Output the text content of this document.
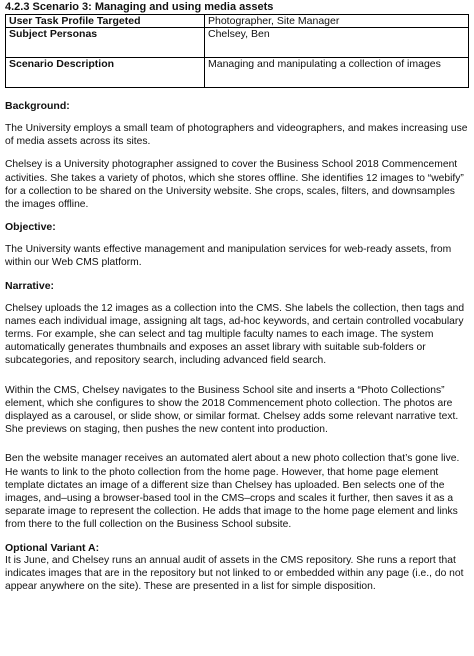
4.2.3 Scenario 3: Managing and using media assets
User Task Profile Targeted	Photographer, Site Manager
Subject Personas	Chelsey, Ben
Scenario Description	Managing and manipulating a collection of images
Background:

The University employs a small team of photographers and videographers, and makes increasing use of media assets across its sites.

Chelsey is a University photographer assigned to cover the Business School 2018 Commencement activities. She takes a variety of photos, which she stores offline. She identifies 12 images to “webify” for a collection to be shared on the University website. She crops, scales, filters, and downsamples the images offline.

Objective:

The University wants effective management and manipulation services for web-ready assets, from within our Web CMS platform.

Narrative:

Chelsey uploads the 12 images as a collection into the CMS. She labels the collection, then tags and names each individual image, assigning alt tags, ad-hoc keywords, and certain controlled vocabulary terms. For example, she can select and tag multiple faculty names to each image. The system automatically generates thumbnails and exposes an asset library with suitable sub-folders or subcategories, and repository search, including advanced field search.

Within the CMS, Chelsey navigates to the Business School site and inserts a “Photo Collections” element, which she configures to show the 2018 Commencement photo collection. The photos are displayed as a carousel, or slide show, or similar format. Chelsey adds some relevant narrative text. She previews on staging, then pushes the new content into production.

Ben the website manager receives an automated alert about a new photo collection that’s gone live. He wants to link to the photo collection from the home page. However, that home page element template dictates an image of a different size than Chelsey has uploaded. Ben selects one of the images, and–using a browser-based tool in the CMS–crops and scales it further, then saves it as a separate image to represent the collection. He adds that image to the home page element and links from there to the full collection on the Business School subsite.

Optional Variant A:

It is June, and Chelsey runs an annual audit of assets in the CMS repository. She runs a report that indicates images that are in the repository but not linked to or embedded within any page (i.e., do not appear anywhere on the site). These are presented in a list for simple disposition.
